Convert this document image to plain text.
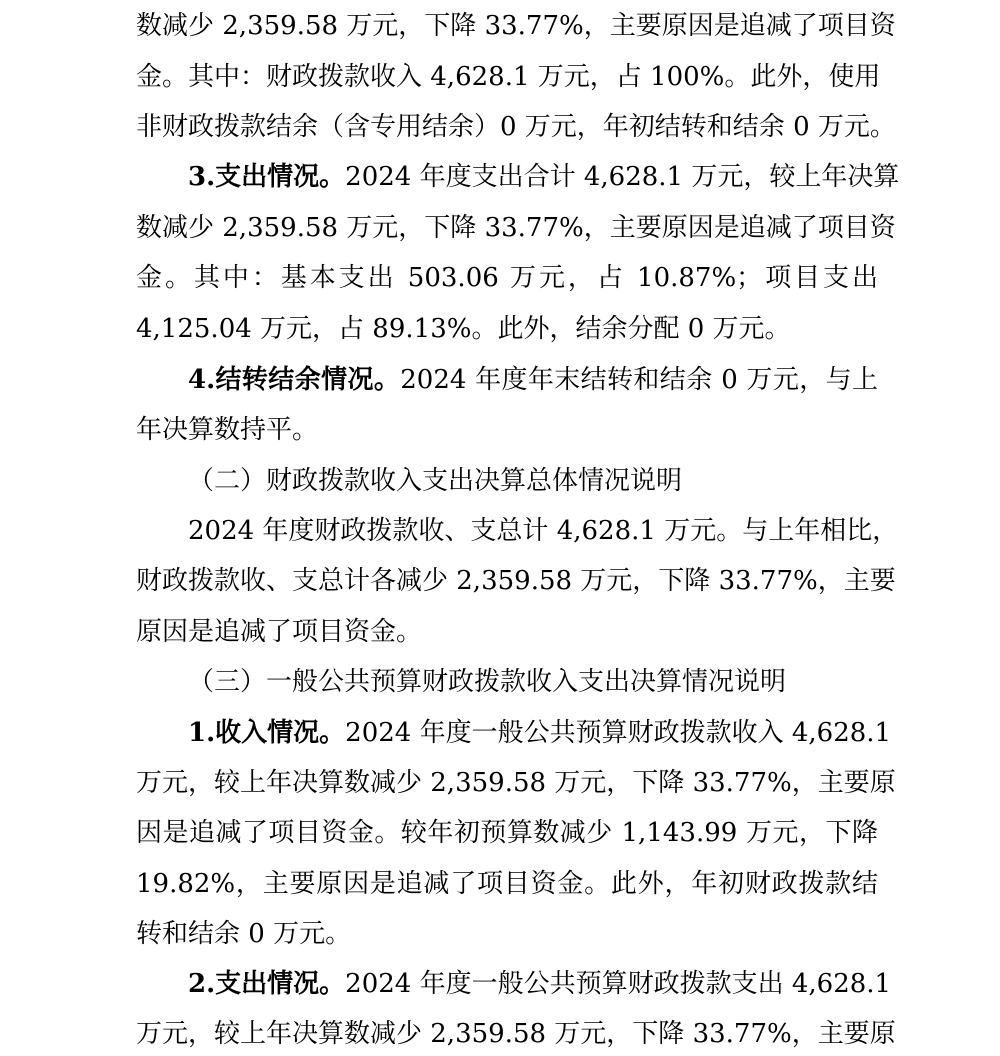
数减少 2,359.58 万元，下降 33.77%，主要原因是追减了项目资
金。其中：财政拨款收入 4,628.1 万元，占 100%。此外，使用
非财政拨款结余（含专用结余）0 万元，年初结转和结余 0 万元。
3.支出情况。2024 年度支出合计 4,628.1 万元，较上年决算
数减少 2,359.58 万元，下降 33.77%，主要原因是追减了项目资
金。其中：基本支出 503.06 万元，占 10.87%；项目支出
4,125.04 万元，占 89.13%。此外，结余分配 0 万元。
4.结转结余情况。2024 年度年末结转和结余 0 万元，与上
年决算数持平。
（二）财政拨款收入支出决算总体情况说明
2024 年度财政拨款收、支总计 4,628.1 万元。与上年相比，
财政拨款收、支总计各减少 2,359.58 万元，下降 33.77%，主要
原因是追减了项目资金。
（三）一般公共预算财政拨款收入支出决算情况说明
1.收入情况。2024 年度一般公共预算财政拨款收入 4,628.1
万元，较上年决算数减少 2,359.58 万元，下降 33.77%，主要原
因是追减了项目资金。较年初预算数减少 1,143.99 万元，下降
19.82%，主要原因是追减了项目资金。此外，年初财政拨款结
转和结余 0 万元。
2.支出情况。2024 年度一般公共预算财政拨款支出 4,628.1
万元，较上年决算数减少 2,359.58 万元，下降 33.77%，主要原
